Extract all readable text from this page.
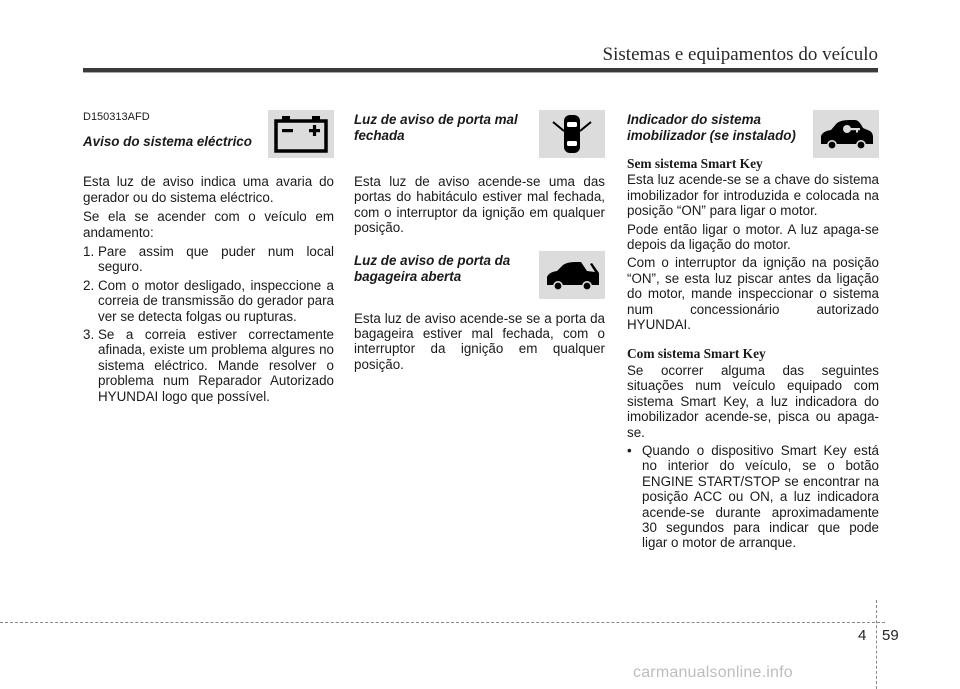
Sistemas e equipamentos do veículo
D150313AFD
Aviso do sistema eléctrico

Esta luz de aviso indica uma avaria do gerador ou do sistema eléctrico.

Se ela se acender com o veículo em andamento:

1. Pare assim que puder num local seguro.
2. Com o motor desligado, inspeccione a correia de transmissão do gerador para ver se detecta folgas ou rupturas.
3. Se a correia estiver correctamente afinada, existe um problema algures no sistema eléctrico. Mande resolver o problema num Reparador Autorizado HYUNDAI logo que possível.
Luz de aviso de porta mal fechada

Esta luz de aviso acende-se uma das portas do habitáculo estiver mal fechada, com o interruptor da ignição em qualquer posição.

Luz de aviso de porta da bagageira aberta

Esta luz de aviso acende-se se a porta da bagageira estiver mal fechada, com o interruptor da ignição em qualquer posição.

Indicador do sistema imobilizador (se instalado)
Sem sistema Smart Key

Esta luz acende-se se a chave do sistema imobilizador for introduzida e colocada na posição “ON” para ligar o motor.

Pode então ligar o motor. A luz apaga-se depois da ligação do motor.

Com o interruptor da ignição na posição “ON”, se esta luz piscar antes da ligação do motor, mande inspeccionar o sistema num concessionário autorizado HYUNDAI.

Com sistema Smart Key

Se ocorrer alguma das seguintes situações num veículo equipado com sistema Smart Key, a luz indicadora do imobilizador acende-se, pisca ou apaga-se.

• Quando o dispositivo Smart Key está no interior do veículo, se o botão ENGINE START/STOP se encontrar na posição ACC ou ON, a luz indicadora acende-se durante aproximadamente 30 segundos para indicar que pode ligar o motor de arranque.
4 59
carmanualsonline.info
